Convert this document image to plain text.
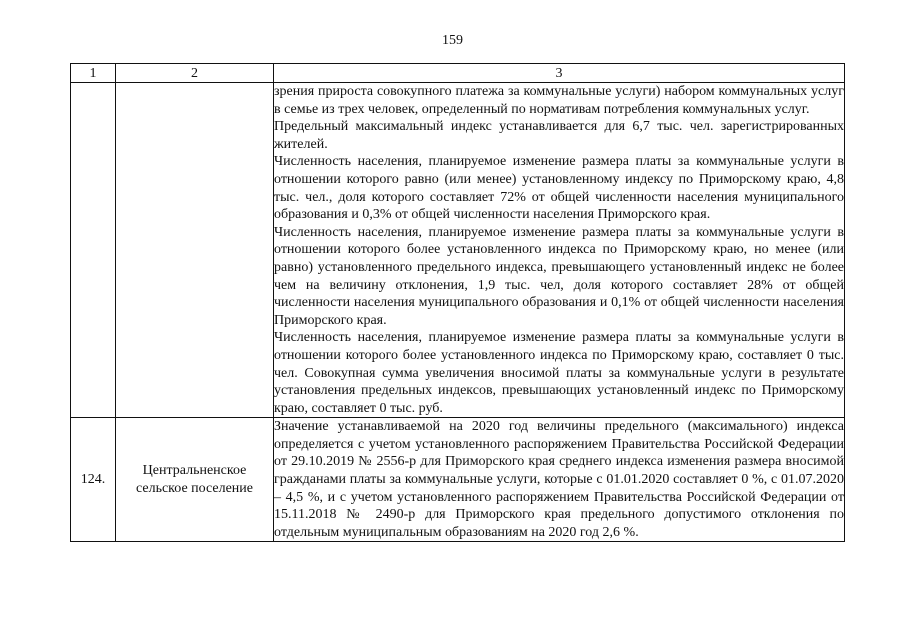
159
1	2	3

		зрения прироста совокупного платежа за коммунальные услуги) набором коммунальных услуг в семье из трех человек, определенный по нормативам потребления коммунальных услуг.

Предельный максимальный индекс устанавливается для 6,7 тыс. чел. зарегистрированных жителей.

Численность населения, планируемое изменение размера платы за коммунальные услуги в отношении которого равно (или менее) установленному индексу по Приморскому краю, 4,8 тыс. чел., доля которого составляет 72% от общей численности населения муниципального образования и 0,3% от общей численности населения Приморского края.

Численность населения, планируемое изменение размера платы за коммунальные услуги в отношении которого более установленного индекса по Приморскому краю, но менее (или равно) установленного предельного индекса, превышающего установленный индекс не более чем на величину отклонения, 1,9 тыс. чел, доля которого составляет 28% от общей численности населения муниципального образования и 0,1% от общей численности населения Приморского края.

Численность населения, планируемое изменение размера платы за коммунальные услуги в отношении которого более установленного индекса по Приморскому краю, составляет 0 тыс. чел. Совокупная сумма увеличения вносимой платы за коммунальные услуги в результате установления предельных индексов, превышающих установленный индекс по Приморскому краю, составляет 0 тыс. руб.

124.	Центральненское
сельское поселение	Значение устанавливаемой на 2020 год величины предельного (максимального) индекса определяется с учетом установленного распоряжением Правительства Российской Федерации от 29.10.2019 № 2556-р для Приморского края среднего индекса изменения размера вносимой гражданами платы за коммунальные услуги, которые с 01.01.2020 составляет 0 %, с 01.07.2020 – 4,5 %, и с учетом установленного распоряжением Правительства Российской Федерации от 15.11.2018 № 2490-р для Приморского края предельного допустимого отклонения по отдельным муниципальным образованиям на 2020 год 2,6 %.
